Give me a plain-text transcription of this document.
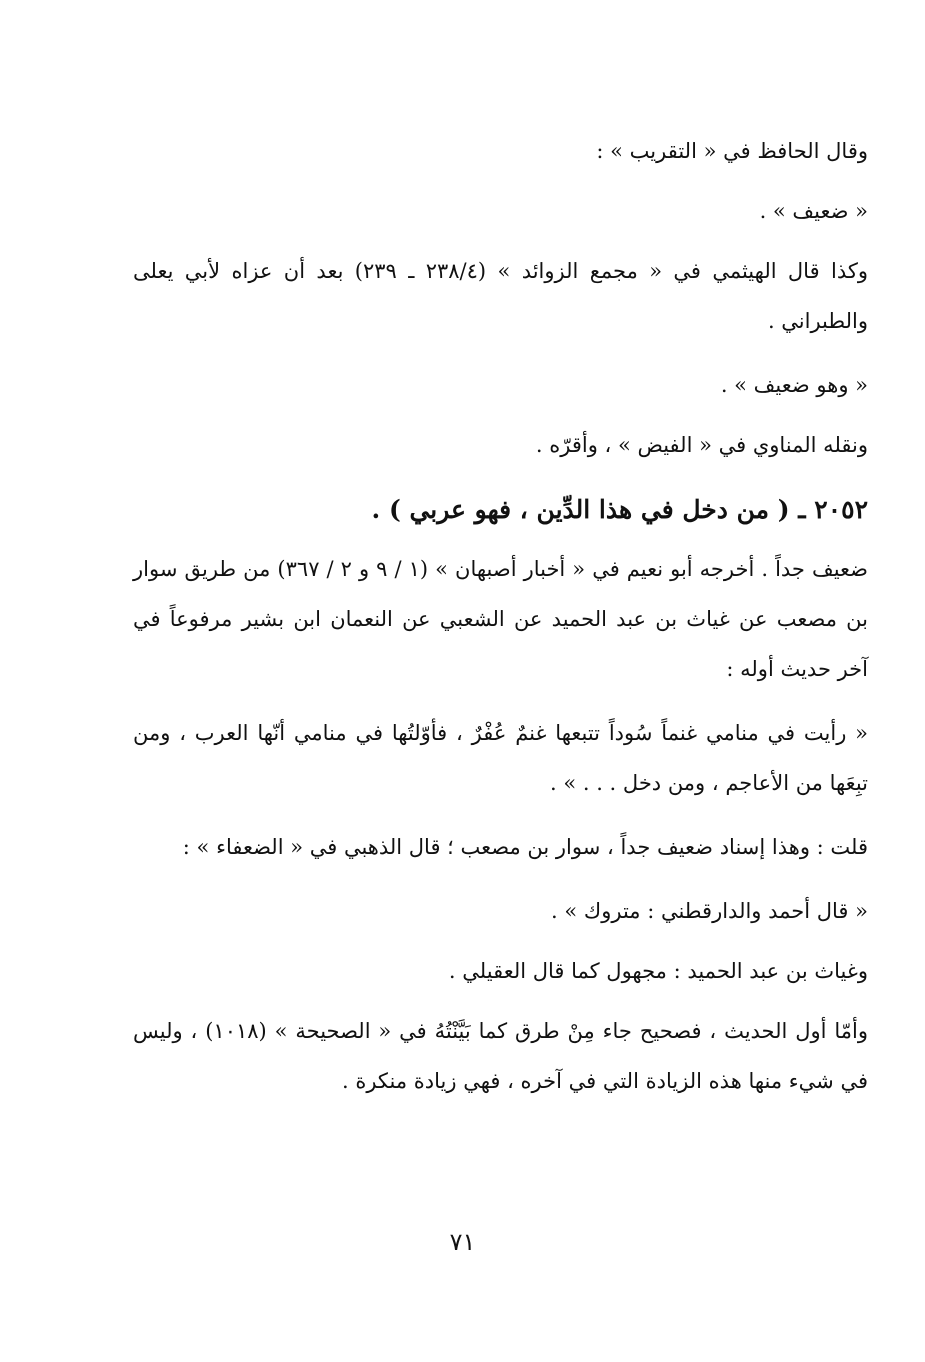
وقال الحافظ في « التقريب » :

« ضعيف » .

وكذا قال الهيثمي في « مجمع الزوائد » (٢٣٨/٤ ـ ٢٣٩) بعد أن عزاه لأبي يعلى والطبراني .

« وهو ضعيف » .

ونقله المناوي في « الفيض » ، وأقرّه .

٢٠٥٢ ـ ( من دخل في هذا الدِّين ، فهو عربي ) .

ضعيف جداً . أخرجه أبو نعيم في « أخبار أصبهان » (١ / ٩ و ٢ / ٣٦٧) من طريق سوار بن مصعب عن غياث بن عبد الحميد عن الشعبي عن النعمان ابن بشير مرفوعاً في آخر حديث أوله :

« رأيت في منامي غنماً سُوداً تتبعها غنمٌ عُفْرٌ ، فأوّلتُها في منامي أنّها العرب ، ومن تبِعَها من الأعاجم ، ومن دخل . . . » .

قلت : وهذا إسناد ضعيف جداً ، سوار بن مصعب ؛ قال الذهبي في « الضعفاء » :

« قال أحمد والدارقطني : متروك » .

وغياث بن عبد الحميد : مجهول كما قال العقيلي .

وأمّا أول الحديث ، فصحيح جاء مِنْ طرق كما بَيَّنْتُهُ في « الصحيحة » (١٠١٨) ، وليس في شيء منها هذه الزيادة التي في آخره ، فهي زيادة منكرة .

٧١
